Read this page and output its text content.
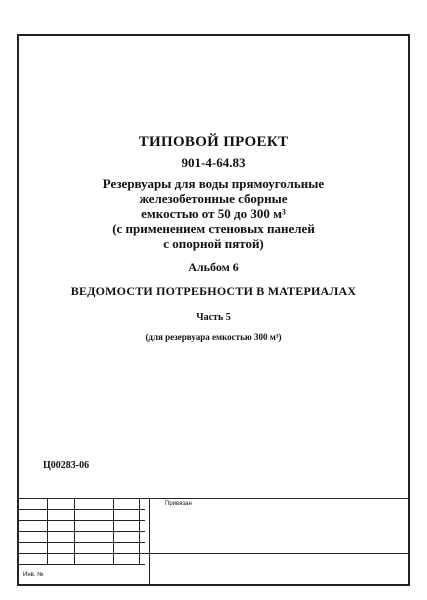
ТИПОВОЙ ПРОЕКТ
901-4-64.83
Резервуары для воды прямоугольные
железобетонные сборные
емкостью от 50 до 300 м³
(с применением стеновых панелей
с опорной пятой)
Альбом 6
ВЕДОМОСТИ ПОТРЕБНОСТИ В МАТЕРИАЛАХ
Часть 5
(для резервуара емкостью 300 м³)
Ц00283-06
Привязан
Инв. №
